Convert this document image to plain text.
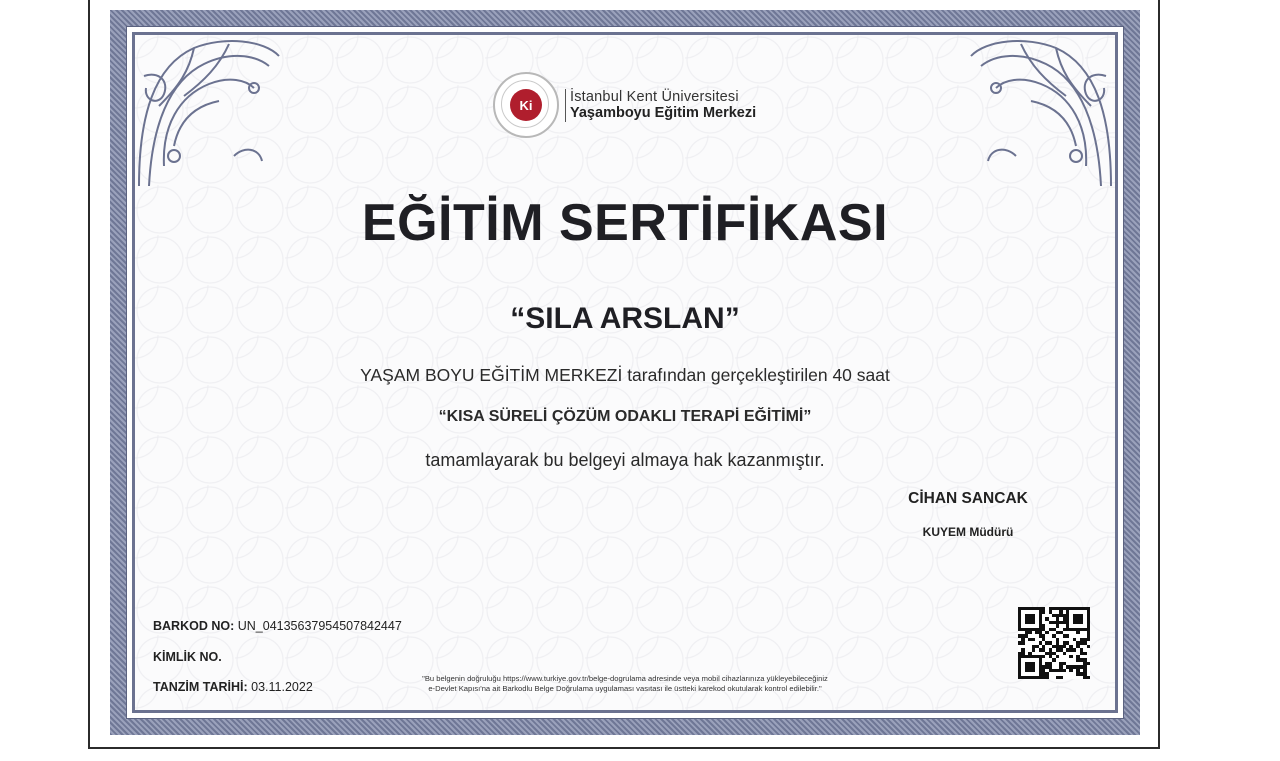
Ki
İstanbul Kent Üniversitesi
Yaşamboyu Eğitim Merkezi
EĞİTİM SERTİFİKASI
“SILA ARSLAN”
YAŞAM BOYU EĞİTİM MERKEZİ tarafından gerçekleştirilen 40 saat
“KISA SÜRELİ ÇÖZÜM ODAKLI TERAPİ EĞİTİMİ”
tamamlayarak bu belgeyi almaya hak kazanmıştır.
CİHAN SANCAK
KUYEM Müdürü
BARKOD NO: UN_04135637954507842447
KİMLİK NO.
TANZİM TARİHİ: 03.11.2022
"Bu belgenin doğruluğu https://www.turkiye.gov.tr/belge-dogrulama adresinde veya mobil cihazlarınıza yükleyebileceğiniz
e-Devlet Kapısı'na ait Barkodlu Belge Doğrulama uygulaması vasıtası ile üstteki karekod okutularak kontrol edilebilir."
